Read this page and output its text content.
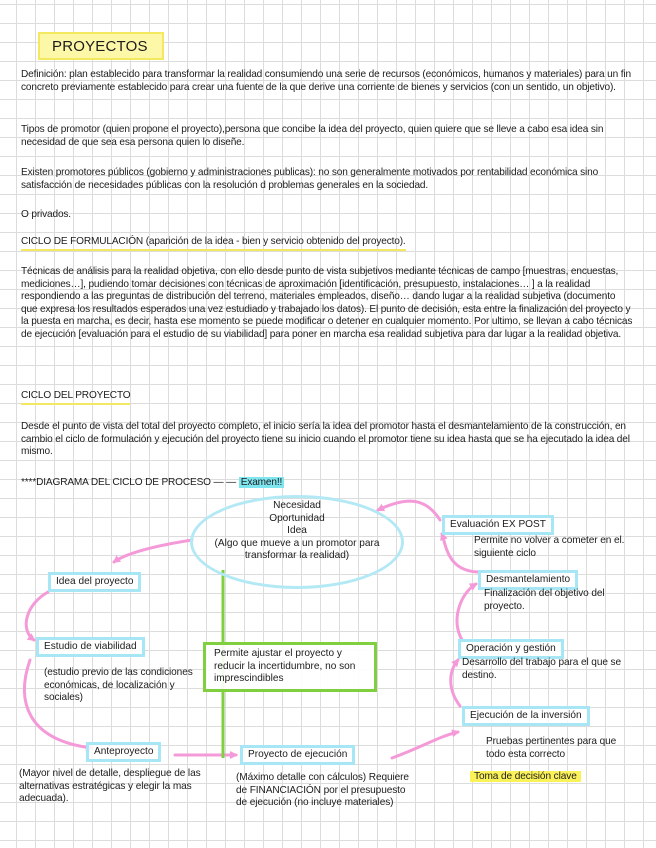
PROYECTOS
Definición: plan establecido para transformar la realidad consumiendo una serie de recursos (económicos, humanos y materiales) para un fin concreto previamente establecido para crear una fuente de la que derive una corriente de bienes y servicios (con un sentido, un objetivo).
Tipos de promotor (quien propone el proyecto),persona que concibe la idea del proyecto, quien quiere que se lleve a cabo esa idea sin necesidad de que sea esa persona quien lo diseñe.
Existen promotores públicos (gobierno y administraciones publicas): no son generalmente motivados por rentabilidad económica sino satisfacción de necesidades públicas con la resolución d problemas generales en la sociedad.
O privados.
CICLO DE FORMULACIÓN (aparición de la idea - bien y servicio obtenido del proyecto).
Técnicas de análisis para la realidad objetiva, con ello desde punto de vista subjetivos mediante técnicas de campo [muestras, encuestas, mediciones…], pudiendo tomar decisiones con técnicas de aproximación [identificación, presupuesto, instalaciones… ] a la realidad respondiendo a las preguntas de distribución del terreno, materiales empleados, diseño… dando lugar a la realidad subjetiva (documento que expresa los resultados esperados una vez estudiado y trabajado los datos). El punto de decisión, esta entre la finalización del proyecto y la puesta en marcha, es decir, hasta ese momento se puede modificar o detener en cualquier momento. Por ultimo, se llevan a cabo técnicas de ejecución [evaluación para el estudio de su viabilidad] para poner en marcha esa realidad subjetiva para dar lugar a la realidad objetiva.
CICLO DEL PROYECTO
Desde el punto de vista del total del proyecto completo, el inicio sería la idea del promotor hasta el desmantelamiento de la construcción, en cambio el ciclo de formulación y ejecución del proyecto tiene su inicio cuando el promotor tiene su idea hasta que se ha ejecutado la idea del mismo.
****DIAGRAMA DEL CICLO DE PROCESO — — Examen!!
Necesidad
Oportunidad
Idea
(Algo que mueve a un promotor para transformar la realidad)
Permite ajustar el proyecto y reducir la incertidumbre, no son imprescindibles
Idea del proyecto
Estudio de viabilidad
Anteproyecto	Proyecto de ejecución
Ejecución de la inversión
Operación y gestión
Desmantelamiento
Evaluación EX POST
(estudio previo de las condiciones económicas, de localización y sociales)
(Mayor nivel de detalle, despliegue de las alternativas estratégicas y elegir la mas adecuada).
(Máximo detalle con cálculos) Requiere de FINANCIACIÓN por el presupuesto de ejecución (no incluye materiales)
Pruebas pertinentes para que todo esta correcto
Toma de decisión clave
Desarrollo del trabajo para el que se destino.
Finalización del objetivo del proyecto.
Permite no volver a cometer en el. siguiente ciclo
